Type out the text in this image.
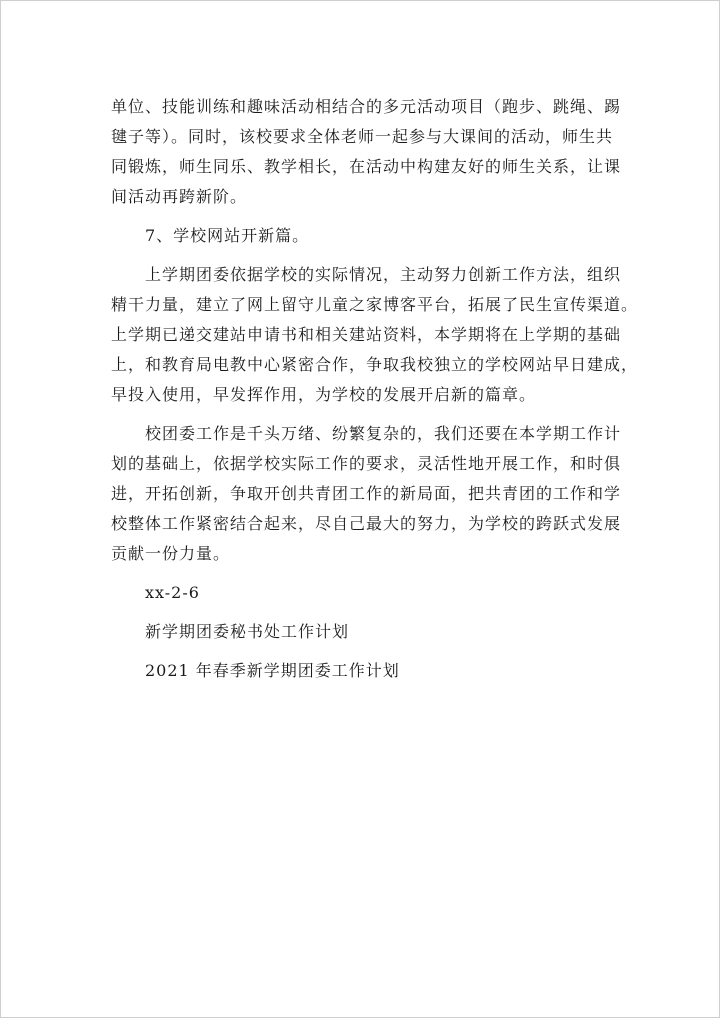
单位、技能训练和趣味活动相结合的多元活动项目（跑步、跳绳、踢
毽子等）。同时，该校要求全体老师一起参与大课间的活动，师生共
同锻炼，师生同乐、教学相长，在活动中构建友好的师生关系，让课
间活动再跨新阶。

7、学校网站开新篇。

上学期团委依据学校的实际情况，主动努力创新工作方法，组织
精干力量，建立了网上留守儿童之家博客平台，拓展了民生宣传渠道。
上学期已递交建站申请书和相关建站资料，本学期将在上学期的基础
上，和教育局电教中心紧密合作，争取我校独立的学校网站早日建成，
早投入使用，早发挥作用，为学校的发展开启新的篇章。

校团委工作是千头万绪、纷繁复杂的，我们还要在本学期工作计
划的基础上，依据学校实际工作的要求，灵活性地开展工作，和时俱
进，开拓创新，争取开创共青团工作的新局面，把共青团的工作和学
校整体工作紧密结合起来，尽自己最大的努力，为学校的跨跃式发展
贡献一份力量。

xx-2-6

新学期团委秘书处工作计划

2021 年春季新学期团委工作计划
